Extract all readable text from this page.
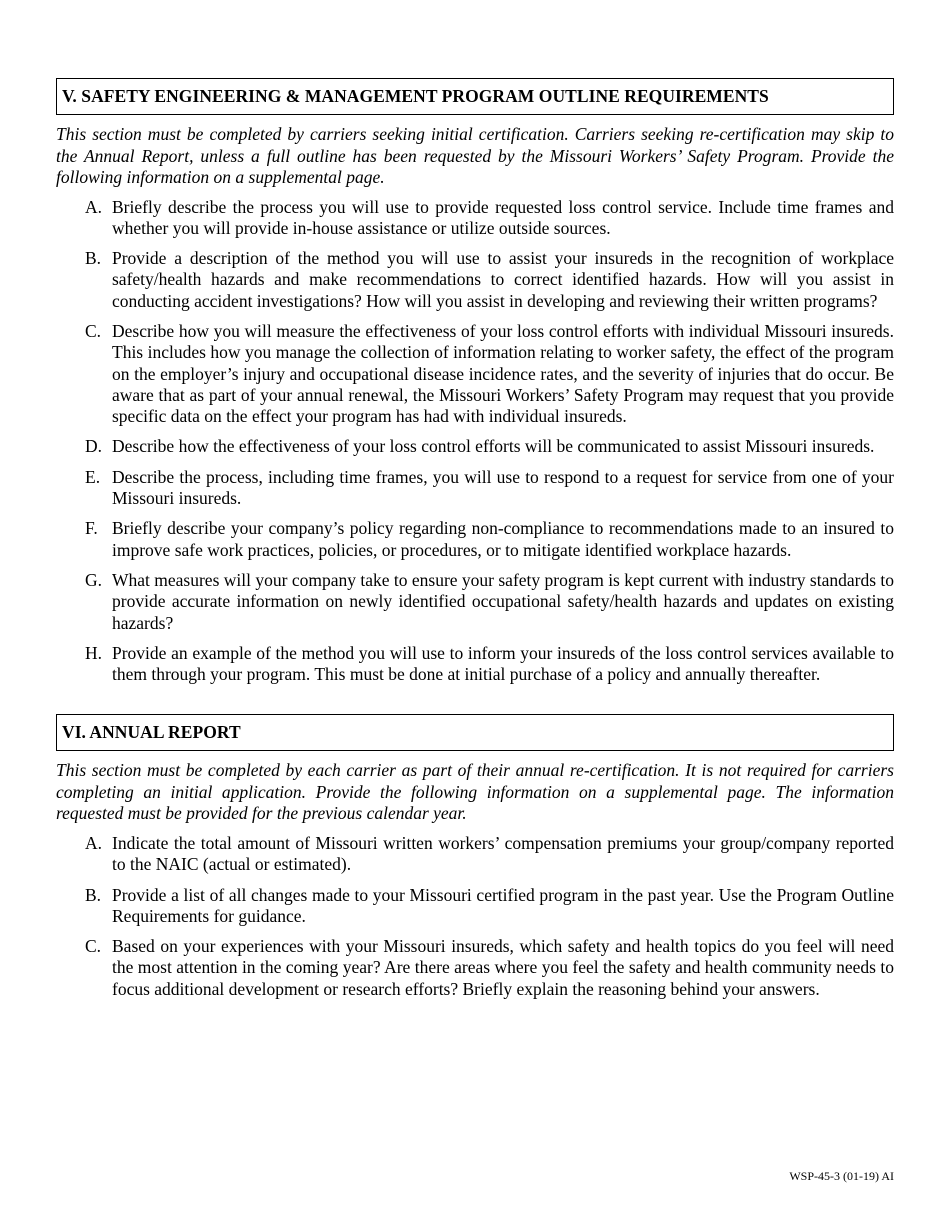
V. SAFETY ENGINEERING & MANAGEMENT PROGRAM OUTLINE REQUIREMENTS

This section must be completed by carriers seeking initial certification. Carriers seeking re-certification may skip to the Annual Report, unless a full outline has been requested by the Missouri Workers’ Safety Program. Provide the following information on a supplemental page.

A. Briefly describe the process you will use to provide requested loss control service. Include time frames and whether you will provide in-house assistance or utilize outside sources.
B. Provide a description of the method you will use to assist your insureds in the recognition of workplace safety/health hazards and make recommendations to correct identified hazards. How will you assist in conducting accident investigations? How will you assist in developing and reviewing their written programs?
C. Describe how you will measure the effectiveness of your loss control efforts with individual Missouri insureds. This includes how you manage the collection of information relating to worker safety, the effect of the program on the employer’s injury and occupational disease incidence rates, and the severity of injuries that do occur. Be aware that as part of your annual renewal, the Missouri Workers’ Safety Program may request that you provide specific data on the effect your program has had with individual insureds.
D. Describe how the effectiveness of your loss control efforts will be communicated to assist Missouri insureds.
E. Describe the process, including time frames, you will use to respond to a request for service from one of your Missouri insureds.
F. Briefly describe your company’s policy regarding non-compliance to recommendations made to an insured to improve safe work practices, policies, or procedures, or to mitigate identified workplace hazards.
G. What measures will your company take to ensure your safety program is kept current with industry standards to provide accurate information on newly identified occupational safety/health hazards and updates on existing hazards?
H. Provide an example of the method you will use to inform your insureds of the loss control services available to them through your program. This must be done at initial purchase of a policy and annually thereafter.
VI. ANNUAL REPORT

This section must be completed by each carrier as part of their annual re-certification. It is not required for carriers completing an initial application. Provide the following information on a supplemental page. The information requested must be provided for the previous calendar year.

A. Indicate the total amount of Missouri written workers’ compensation premiums your group/company reported to the NAIC (actual or estimated).
B. Provide a list of all changes made to your Missouri certified program in the past year. Use the Program Outline Requirements for guidance.
C. Based on your experiences with your Missouri insureds, which safety and health topics do you feel will need the most attention in the coming year? Are there areas where you feel the safety and health community needs to focus additional development or research efforts? Briefly explain the reasoning behind your answers.
WSP-45-3 (01-19) AI
